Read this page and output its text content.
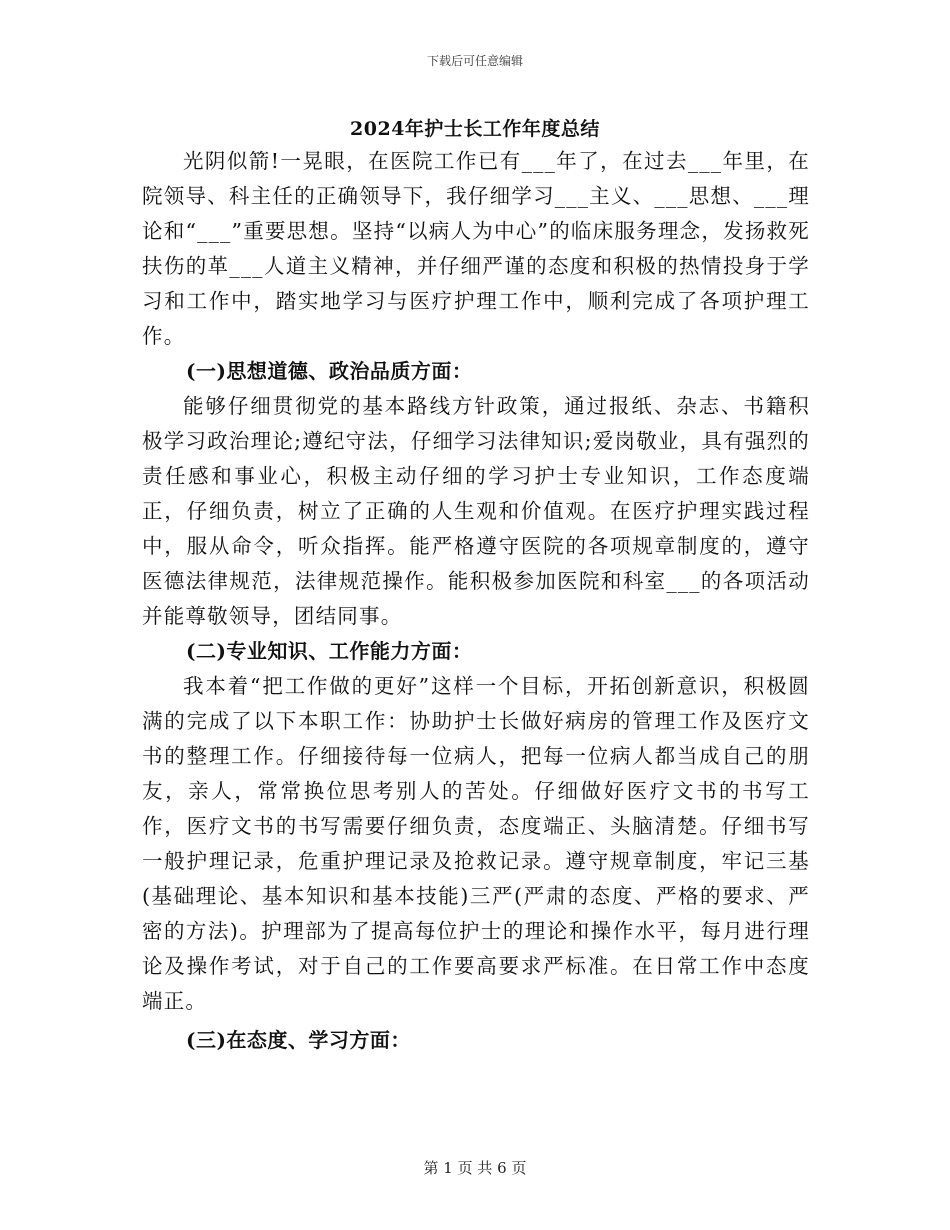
下载后可任意编辑
2024年护士长工作年度总结

光阴似箭!一晃眼，在医院工作已有___年了，在过去___年里，在院领导、科主任的正确领导下，我仔细学习___主义、___思想、___理论和“___”重要思想。坚持“以病人为中心”的临床服务理念，发扬救死扶伤的革___人道主义精神，并仔细严谨的态度和积极的热情投身于学习和工作中，踏实地学习与医疗护理工作中，顺利完成了各项护理工作。

(一)思想道德、政治品质方面：

能够仔细贯彻党的基本路线方针政策，通过报纸、杂志、书籍积极学习政治理论;遵纪守法，仔细学习法律知识;爱岗敬业，具有强烈的责任感和事业心，积极主动仔细的学习护士专业知识，工作态度端正，仔细负责，树立了正确的人生观和价值观。在医疗护理实践过程中，服从命令，听众指挥。能严格遵守医院的各项规章制度的，遵守医德法律规范，法律规范操作。能积极参加医院和科室___的各项活动并能尊敬领导，团结同事。

(二)专业知识、工作能力方面：

我本着“把工作做的更好”这样一个目标，开拓创新意识，积极圆满的完成了以下本职工作：协助护士长做好病房的管理工作及医疗文书的整理工作。仔细接待每一位病人，把每一位病人都当成自己的朋友，亲人，常常换位思考别人的苦处。仔细做好医疗文书的书写工作，医疗文书的书写需要仔细负责，态度端正、头脑清楚。仔细书写一般护理记录，危重护理记录及抢救记录。遵守规章制度，牢记三基(基础理论、基本知识和基本技能)三严(严肃的态度、严格的要求、严密的方法)。护理部为了提高每位护士的理论和操作水平，每月进行理论及操作考试，对于自己的工作要高要求严标准。在日常工作中态度端正。

(三)在态度、学习方面：

第 1 页 共 6 页
